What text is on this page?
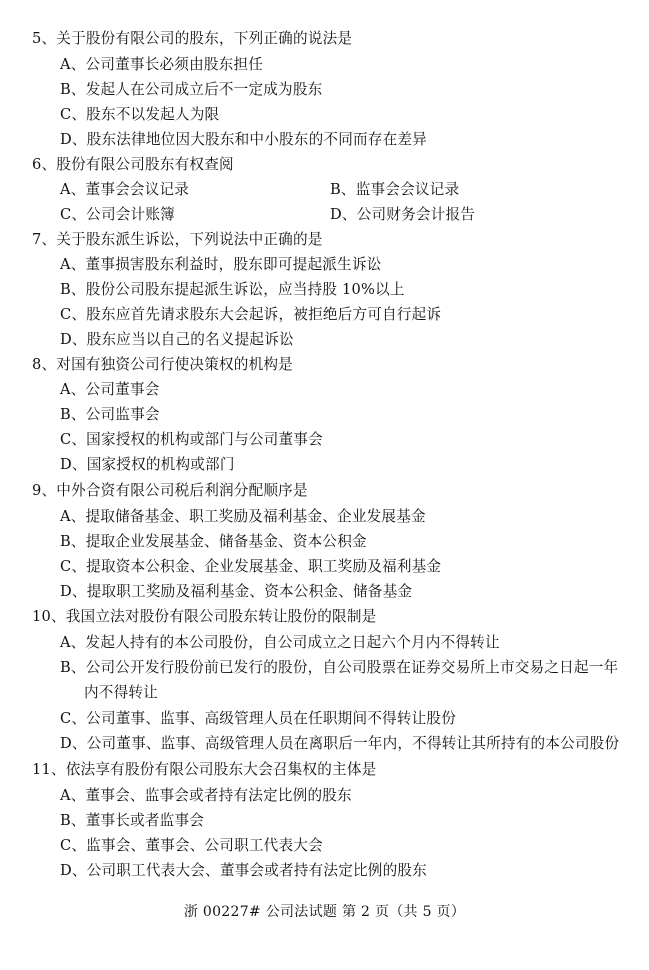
5、关于股份有限公司的股东，下列正确的说法是
A、公司董事长必须由股东担任
B、发起人在公司成立后不一定成为股东
C、股东不以发起人为限
D、股东法律地位因大股东和中小股东的不同而存在差异
6、股份有限公司股东有权查阅
A、董事会会议记录	B、监事会会议记录
C、公司会计账簿	D、公司财务会计报告
7、关于股东派生诉讼，下列说法中正确的是
A、董事损害股东利益时，股东即可提起派生诉讼
B、股份公司股东提起派生诉讼，应当持股 10%以上
C、股东应首先请求股东大会起诉，被拒绝后方可自行起诉
D、股东应当以自己的名义提起诉讼
8、对国有独资公司行使决策权的机构是
A、公司董事会
B、公司监事会
C、国家授权的机构或部门与公司董事会
D、国家授权的机构或部门
9、中外合资有限公司税后利润分配顺序是
A、提取储备基金、职工奖励及福利基金、企业发展基金
B、提取企业发展基金、储备基金、资本公积金
C、提取资本公积金、企业发展基金、职工奖励及福利基金
D、提取职工奖励及福利基金、资本公积金、储备基金
10、我国立法对股份有限公司股东转让股份的限制是
A、发起人持有的本公司股份，自公司成立之日起六个月内不得转让
B、公司公开发行股份前已发行的股份，自公司股票在证券交易所上市交易之日起一年
内不得转让
C、公司董事、监事、高级管理人员在任职期间不得转让股份
D、公司董事、监事、高级管理人员在离职后一年内，不得转让其所持有的本公司股份
11、依法享有股份有限公司股东大会召集权的主体是
A、董事会、监事会或者持有法定比例的股东
B、董事长或者监事会
C、监事会、董事会、公司职工代表大会
D、公司职工代表大会、董事会或者持有法定比例的股东
浙 00227# 公司法试题 第 2 页（共 5 页）
